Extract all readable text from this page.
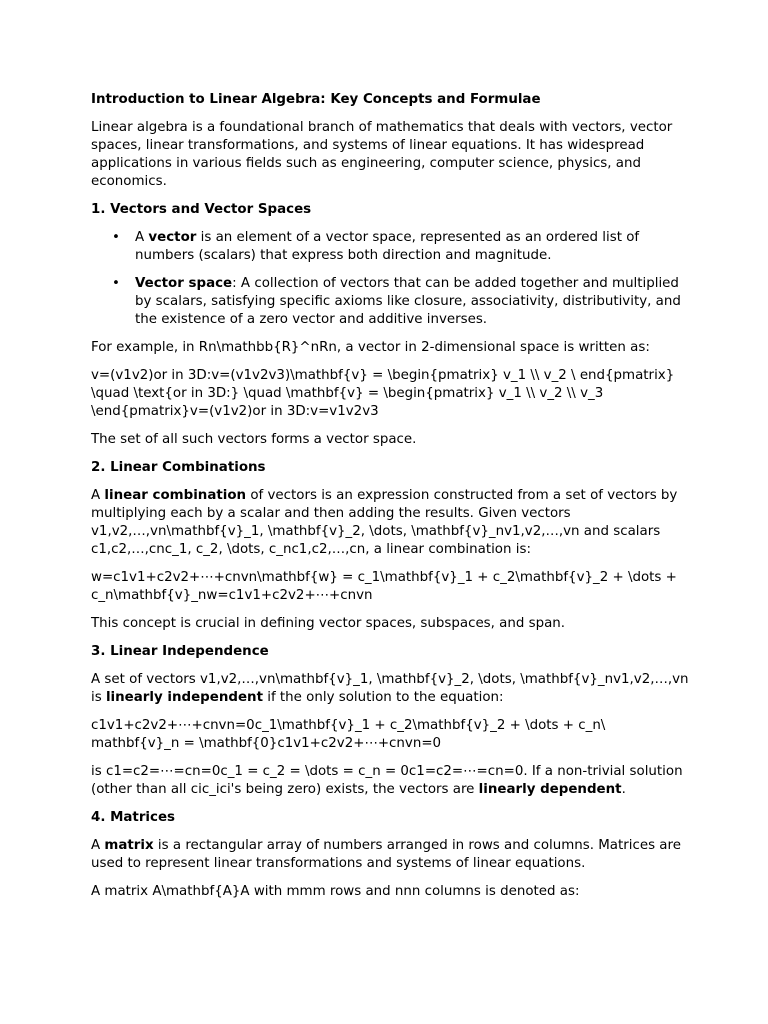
Introduction to Linear Algebra: Key Concepts and Formulae

Linear algebra is a foundational branch of mathematics that deals with vectors, vector spaces, linear transformations, and systems of linear equations. It has widespread applications in various fields such as engineering, computer science, physics, and economics.

1. Vectors and Vector Spaces
• A vector is an element of a vector space, represented as an ordered list of numbers (scalars) that express both direction and magnitude.
• Vector space: A collection of vectors that can be added together and multiplied by scalars, satisfying specific axioms like closure, associativity, distributivity, and the existence of a zero vector and additive inverses.

For example, in Rn\mathbb{R}^nRn, a vector in 2-dimensional space is written as:

v=(v1v2)or in 3D:v=(v1v2v3)\mathbf{v} = \begin{pmatrix} v_1 \\ v_2 \ end{pmatrix} \quad \text{or in 3D:} \quad \mathbf{v} = \begin{pmatrix} v_1 \\ v_2 \\ v_3 \end{pmatrix}v=(v1v2)or in 3D:v=v1v2v3

The set of all such vectors forms a vector space.

2. Linear Combinations

A linear combination of vectors is an expression constructed from a set of vectors by multiplying each by a scalar and then adding the results. Given vectors v1,v2,…,vn\mathbf{v}_1, \mathbf{v}_2, \dots, \mathbf{v}_nv1,v2,…,vn and scalars c1,c2,…,cnc_1, c_2, \dots, c_nc1,c2,…,cn, a linear combination is:

w=c1v1+c2v2+⋯+cnvn\mathbf{w} = c_1\mathbf{v}_1 + c_2\mathbf{v}_2 + \dots + c_n\mathbf{v}_nw=c1v1+c2v2+⋯+cnvn

This concept is crucial in defining vector spaces, subspaces, and span.

3. Linear Independence

A set of vectors v1,v2,…,vn\mathbf{v}_1, \mathbf{v}_2, \dots, \mathbf{v}_nv1,v2,…,vn is linearly independent if the only solution to the equation:

c1v1+c2v2+⋯+cnvn=0c_1\mathbf{v}_1 + c_2\mathbf{v}_2 + \dots + c_n\ mathbf{v}_n = \mathbf{0}c1v1+c2v2+⋯+cnvn=0

is c1=c2=⋯=cn=0c_1 = c_2 = \dots = c_n = 0c1=c2=⋯=cn=0. If a non-trivial solution (other than all cic_ici's being zero) exists, the vectors are linearly dependent.

4. Matrices

A matrix is a rectangular array of numbers arranged in rows and columns. Matrices are used to represent linear transformations and systems of linear equations.

A matrix A\mathbf{A}A with mmm rows and nnn columns is denoted as:
